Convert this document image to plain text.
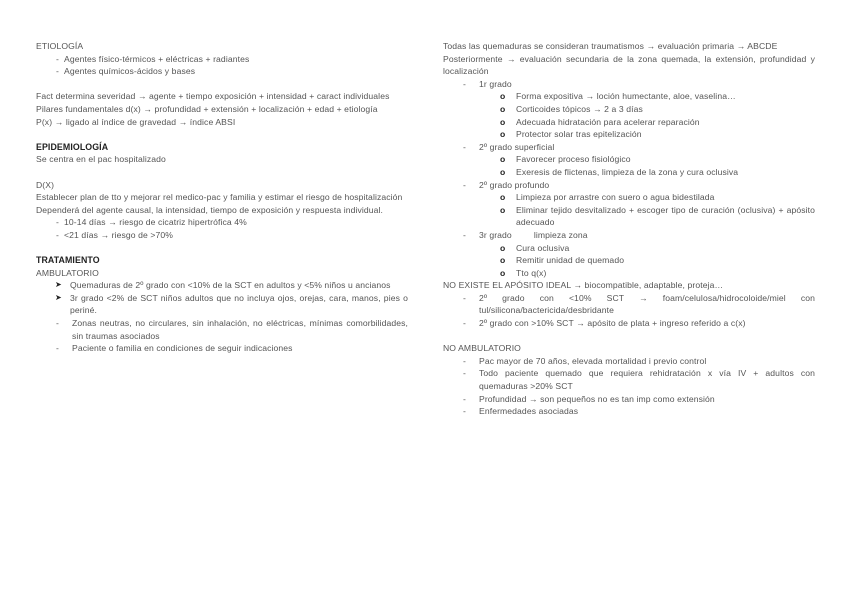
ETIOLOGÍA

- Agentes físico-térmicos + eléctricas + radiantes

- Agentes químicos-ácidos y bases

Fact determina severidad → agente + tiempo exposición + intensidad + caract individuales

Pilares fundamentales d(x) → profundidad + extensión + localización + edad + etiología

P(x) → ligado al índice de gravedad → índice ABSI

EPIDEMIOLOGÍA

Se centra en el pac hospitalizado

D(X)

Establecer plan de tto y mejorar rel medico-pac y familia y estimar el riesgo de hospitalización

Dependerá del agente causal, la intensidad, tiempo de exposición y respuesta individual.

- 10-14 días → riesgo de cicatriz hipertrófica 4%

- <21 días → riesgo de >70%

TRATAMIENTO

AMBULATORIO

➤ Quemaduras de 2º grado con <10% de la SCT en adultos y <5% niños u ancianos

➤ 3r grado <2% de SCT niños adultos que no incluya ojos, orejas, cara, manos, pies o periné.

- Zonas neutras, no circulares, sin inhalación, no eléctricas, mínimas comorbilidades, sin traumas asociados

- Paciente o familia en condiciones de seguir indicaciones

Todas las quemaduras se consideran traumatismos → evaluación primaria → ABCDE

Posteriormente → evaluación secundaria de la zona quemada, la extensión, profundidad y localización

- 1r grado

o Forma expositiva → loción humectante, aloe, vaselina…

o Corticoides tópicos → 2 a 3 días

o Adecuada hidratación para acelerar reparación

o Protector solar tras epitelización

- 2º grado superficial

o Favorecer proceso fisiológico

o Exeresis de flictenas, limpieza de la zona y cura oclusiva

- 2º grado profundo

o Limpieza por arrastre con suero o agua bidestilada

o Eliminar tejido desvitalizado + escoger tipo de curación (oclusiva) + apósito adecuado

- 3r grado	limpieza zona

o Cura oclusiva

o Remitir unidad de quemado

o Tto q(x)

NO EXISTE EL APÓSITO IDEAL → biocompatible, adaptable, proteja…

- 2º grado con <10% SCT → foam/celulosa/hidrocoloide/miel con tul/silicona/bactericida/desbridante

- 2º grado con >10% SCT → apósito de plata + ingreso referido a c(x)

NO AMBULATORIO

- Pac mayor de 70 años, elevada mortalidad i previo control

- Todo paciente quemado que requiera rehidratación x vía IV + adultos con quemaduras >20% SCT

- Profundidad → son pequeños no es tan imp como extensión

- Enfermedades asociadas
